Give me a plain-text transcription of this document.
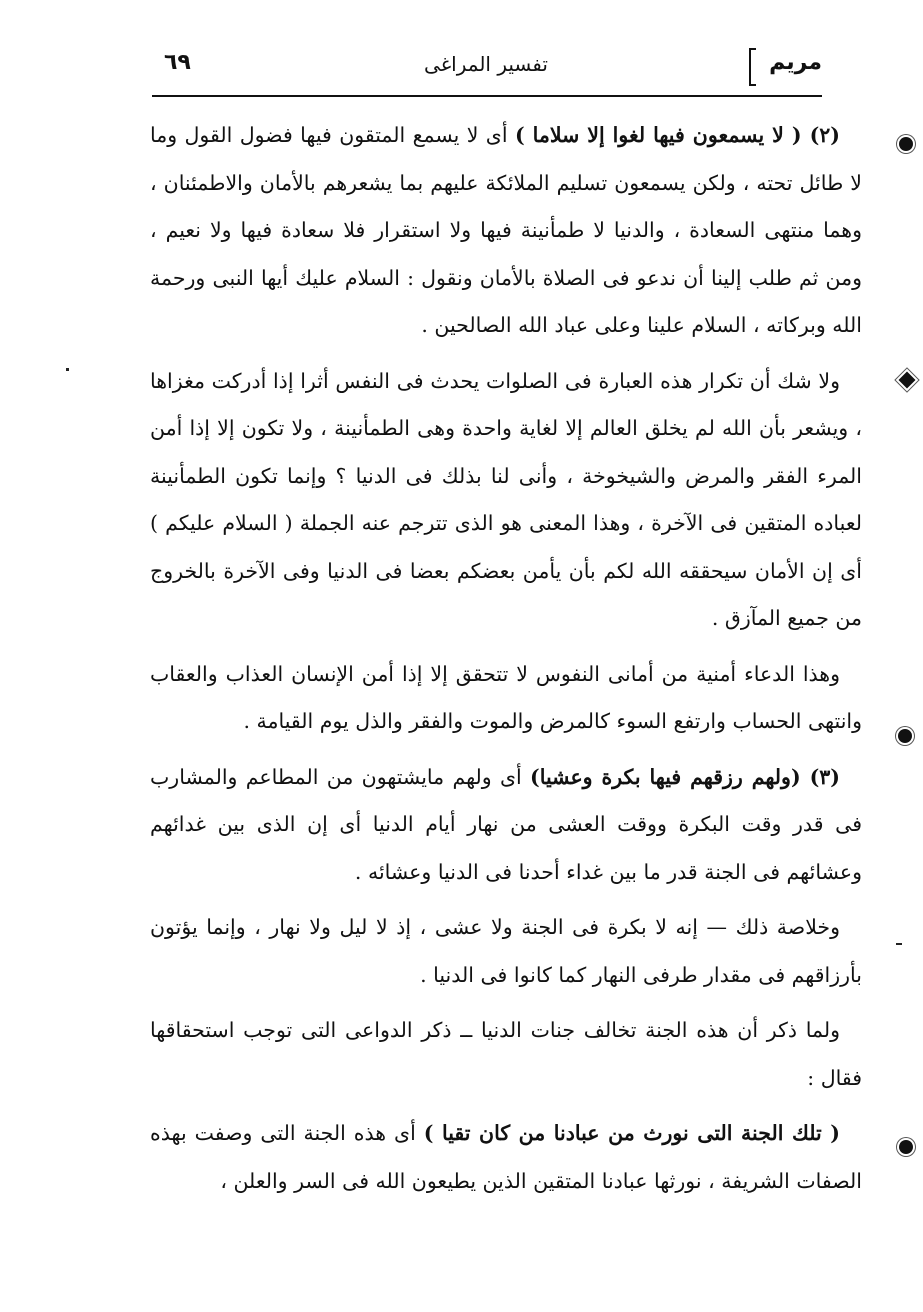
مريم
تفسير المراغى
٦٩

(٢) ( لا يسمعون فيها لغوا إلا سلاما ) أى لا يسمع المتقون فيها فضول القول وما لا طائل تحته ، ولكن يسمعون تسليم الملائكة عليهم بما يشعرهم بالأمان والاطمئنان ، وهما منتهى السعادة ، والدنيا لا طمأنينة فيها ولا استقرار فلا سعادة فيها ولا نعيم ، ومن ثم طلب إلينا أن ندعو فى الصلاة بالأمان ونقول : السلام عليك أيها النبى ورحمة الله وبركاته ، السلام علينا وعلى عباد الله الصالحين .

ولا شك أن تكرار هذه العبارة فى الصلوات يحدث فى النفس أثرا إذا أدركت مغزاها ، ويشعر بأن الله لم يخلق العالم إلا لغاية واحدة وهى الطمأنينة ، ولا تكون إلا إذا أمن المرء الفقر والمرض والشيخوخة ، وأنى لنا بذلك فى الدنيا ؟ وإنما تكون الطمأنينة لعباده المتقين فى الآخرة ، وهذا المعنى هو الذى تترجم عنه الجملة ( السلام عليكم ) أى إن الأمان سيحققه الله لكم بأن يأمن بعضكم بعضا فى الدنيا وفى الآخرة بالخروج من جميع المآزق .

وهذا الدعاء أمنية من أمانى النفوس لا تتحقق إلا إذا أمن الإنسان العذاب والعقاب وانتهى الحساب وارتفع السوء كالمرض والموت والفقر والذل يوم القيامة .

(٣) (ولهم رزقهم فيها بكرة وعشيا) أى ولهم مايشتهون من المطاعم والمشارب فى قدر وقت البكرة ووقت العشى من نهار أيام الدنيا أى إن الذى بين غدائهم وعشائهم فى الجنة قدر ما بين غداء أحدنا فى الدنيا وعشائه .

وخلاصة ذلك — إنه لا بكرة فى الجنة ولا عشى ، إذ لا ليل ولا نهار ، وإنما يؤتون بأرزاقهم فى مقدار طرفى النهار كما كانوا فى الدنيا .

ولما ذكر أن هذه الجنة تخالف جنات الدنيا ــ ذكر الدواعى التى توجب استحقاقها فقال :

( تلك الجنة التى نورث من عبادنا من كان تقيا ) أى هذه الجنة التى وصفت بهذه الصفات الشريفة ، نورثها عبادنا المتقين الذين يطيعون الله فى السر والعلن ،
